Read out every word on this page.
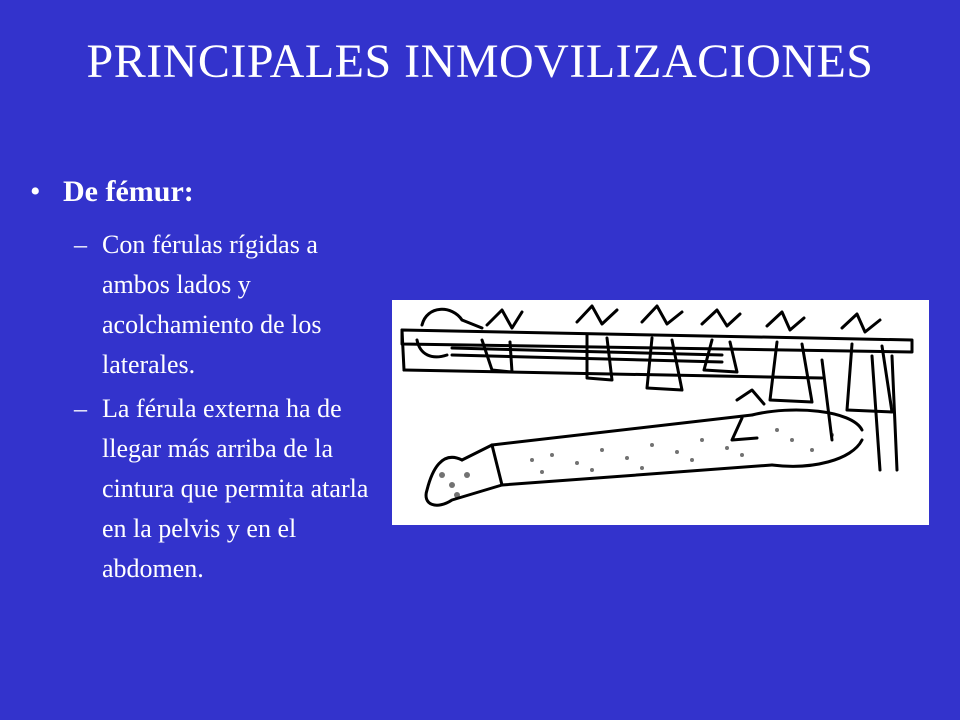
PRINCIPALES INMOVILIZACIONES
• De fémur:
– Con férulas rígidas a ambos lados y acolchamiento de los laterales.
– La férula externa ha de llegar más arriba de la cintura que permita atarla en la pelvis y en el abdomen.
